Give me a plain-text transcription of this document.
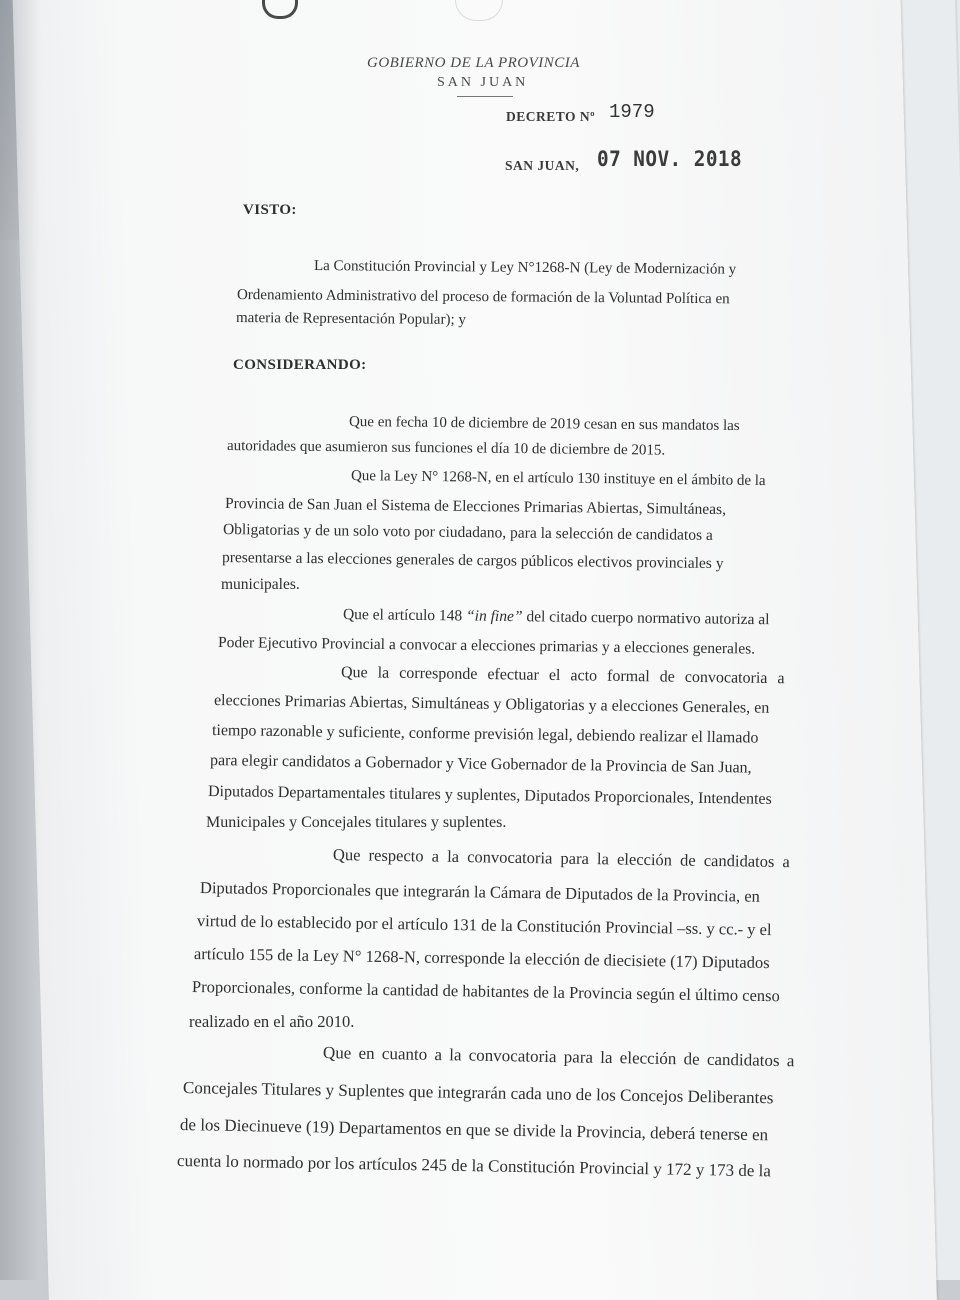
GOBIERNO DE LA PROVINCIA
SAN JUAN
DECRETO Nº 1979
SAN JUAN, 07 NOV. 2018
VISTO:
La Constitución Provincial y Ley N°1268-N (Ley de Modernización y
Ordenamiento Administrativo del proceso de formación de la Voluntad Política en
materia de Representación Popular); y
CONSIDERANDO:
Que en fecha 10 de diciembre de 2019 cesan en sus mandatos las
autoridades que asumieron sus funciones el día 10 de diciembre de 2015.
Que la Ley N° 1268-N, en el artículo 130 instituye en el ámbito de la
Provincia de San Juan el Sistema de Elecciones Primarias Abiertas, Simultáneas,
Obligatorias y de un solo voto por ciudadano, para la selección de candidatos a
presentarse a las elecciones generales de cargos públicos electivos provinciales y
municipales.
Que el artículo 148 “in fine” del citado cuerpo normativo autoriza al
Poder Ejecutivo Provincial a convocar a elecciones primarias y a elecciones generales.
Que la corresponde efectuar el acto formal de convocatoria a
elecciones Primarias Abiertas, Simultáneas y Obligatorias y a elecciones Generales, en
tiempo razonable y suficiente, conforme previsión legal, debiendo realizar el llamado
para elegir candidatos a Gobernador y Vice Gobernador de la Provincia de San Juan,
Diputados Departamentales titulares y suplentes, Diputados Proporcionales, Intendentes
Municipales y Concejales titulares y suplentes.
Que respecto a la convocatoria para la elección de candidatos a
Diputados Proporcionales que integrarán la Cámara de Diputados de la Provincia, en
virtud de lo establecido por el artículo 131 de la Constitución Provincial –ss. y cc.- y el
artículo 155 de la Ley N° 1268-N, corresponde la elección de diecisiete (17) Diputados
Proporcionales, conforme la cantidad de habitantes de la Provincia según el último censo
realizado en el año 2010.
Que en cuanto a la convocatoria para la elección de candidatos a
Concejales Titulares y Suplentes que integrarán cada uno de los Concejos Deliberantes
de los Diecinueve (19) Departamentos en que se divide la Provincia, deberá tenerse en
cuenta lo normado por los artículos 245 de la Constitución Provincial y 172 y 173 de la
